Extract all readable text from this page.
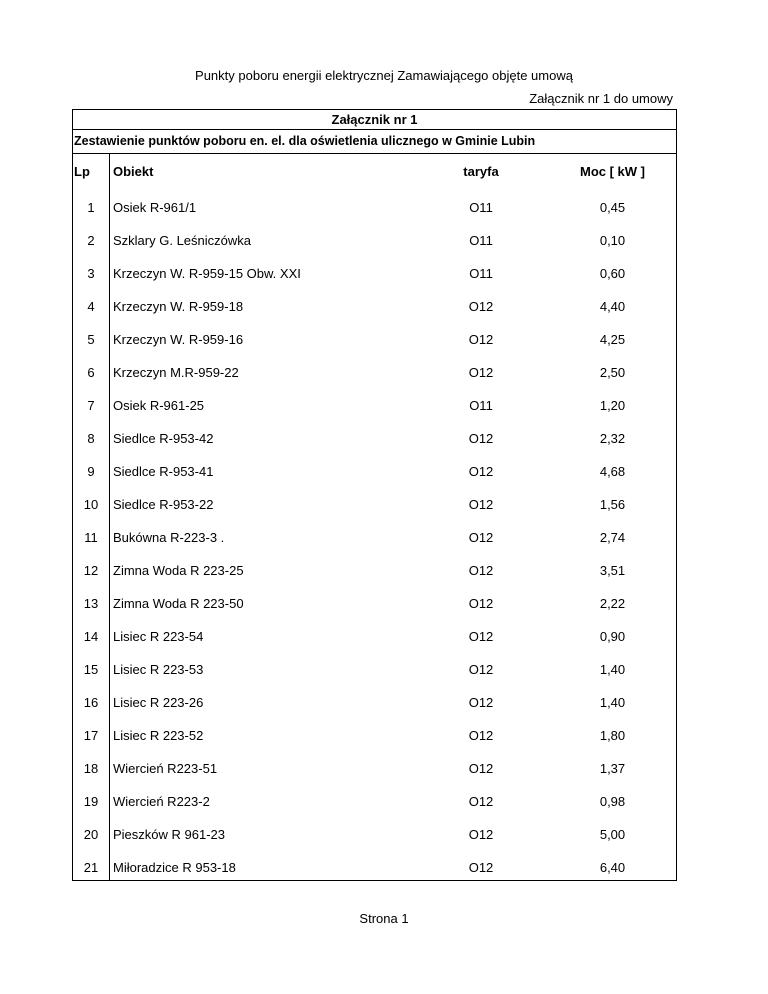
Punkty poboru energii elektrycznej Zamawiającego objęte umową
Załącznik nr 1 do umowy
Załącznik nr 1
Zestawienie punktów poboru en. el. dla oświetlenia ulicznego w Gminie Lubin
Lp	Obiekt	taryfa	Moc [ kW ]
1	Osiek R-961/1	O11	0,45
2	Szklary G. Leśniczówka	O11	0,10
3	Krzeczyn W. R-959-15 Obw. XXI	O11	0,60
4	Krzeczyn W. R-959-18	O12	4,40
5	Krzeczyn W. R-959-16	O12	4,25
6	Krzeczyn M.R-959-22	O12	2,50
7	Osiek R-961-25	O11	1,20
8	Siedlce R-953-42	O12	2,32
9	Siedlce R-953-41	O12	4,68
10	Siedlce R-953-22	O12	1,56
11	Bukówna R-223-3 .	O12	2,74
12	Zimna Woda R 223-25	O12	3,51
13	Zimna Woda R 223-50	O12	2,22
14	Lisiec R 223-54	O12	0,90
15	Lisiec R 223-53	O12	1,40
16	Lisiec R 223-26	O12	1,40
17	Lisiec R 223-52	O12	1,80
18	Wiercień R223-51	O12	1,37
19	Wiercień R223-2	O12	0,98
20	Pieszków R 961-23	O12	5,00
21	Miłoradzice R 953-18	O12	6,40
Strona 1
